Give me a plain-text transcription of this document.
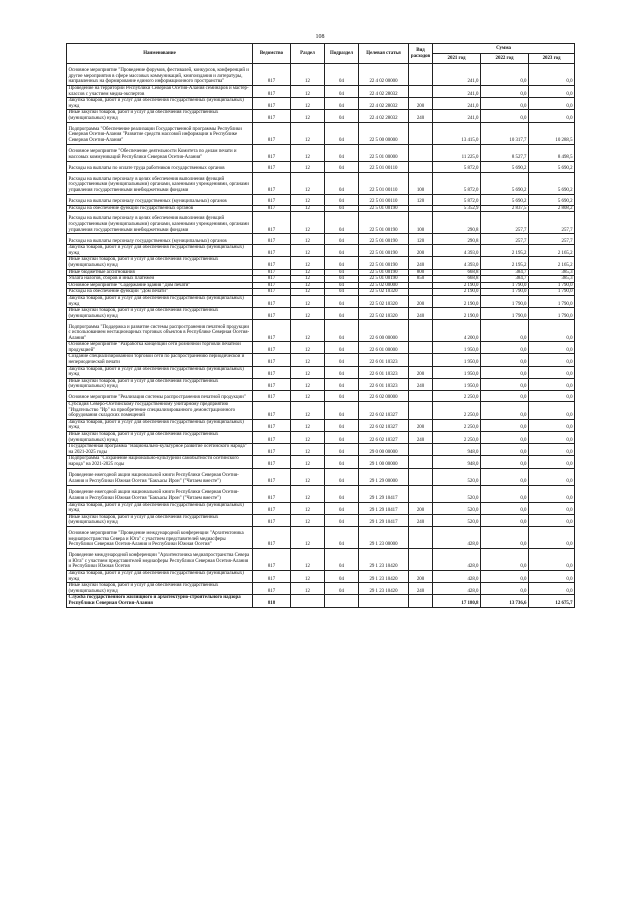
108
Наименование	Ведомство	Раздел	Подраздел	Целевая статья	Вид расходов	Сумма		
						2021 год	2022 год	2023 год
Основное мероприятие "Проведение форумов, фестивалей, конкурсов, конференций и другие мероприятия в сфере массовых коммуникаций, книгоиздания и литературы, направленных на формирование единого информационного пространства"	817	12	04	22 4 02 00000		241,0	0,0	0,0
Проведение на территории Республики Северная Осетия-Алания семинаров и мастер-классов с участием медиа-экспертов	817	12	04	22 4 02 28032		241,0	0,0	0,0
Закупка товаров, работ и услуг для обеспечения государственных (муниципальных) нужд	817	12	04	22 4 02 28032	200	241,0	0,0	0,0
Иные закупки товаров, работ и услуг для обеспечения государственных (муниципальных) нужд	817	12	04	22 4 02 28032	240	241,0	0,0	0,0
Подпрограмма "Обеспечение реализации Государственной программы Республики Северная Осетия-Алания "Развитие средств массовой информации в Республике Северная Осетия-Алания"	817	12	04	22 5 00 00000		13 415,0	10 317,7	10 288,5
Основное мероприятие "Обеспечение деятельности Комитета по делам печати и массовых коммуникаций Республики Северная Осетия-Алания"	817	12	04	22 5 01 00000		11 225,0	8 527,7	8 498,5
Расходы на выплаты по оплате труда работников государственных органов	817	12	04	22 5 01 00110		5 872,0	5 690,2	5 690,2
Расходы на выплаты персоналу в целях обеспечения выполнения функций государственными (муниципальными) органами, казенными учреждениями, органами управления государственными внебюджетными фондами	817	12	04	22 5 01 00110	100	5 872,0	5 690,2	5 690,2
Расходы на выплаты персоналу государственных (муниципальных) органов	817	12	04	22 5 01 00110	120	5 872,0	5 690,2	5 690,2
Расходы на обеспечение функций государственных органов	817	12	04	22 5 01 00190		5 352,9	2 837,5	2 808,2
Расходы на выплаты персоналу в целях обеспечения выполнения функций государственными (муниципальными) органами, казенными учреждениями, органами управления государственными внебюджетными фондами	817	12	04	22 5 01 00190	100	290,8	257,7	257,7
Расходы на выплаты персоналу государственных (муниципальных) органов	817	12	04	22 5 01 00190	120	290,8	257,7	257,7
Закупка товаров, работ и услуг для обеспечения государственных (муниципальных) нужд	817	12	04	22 5 01 00190	200	4 393,0	2 195,2	2 165,2
Иные закупки товаров, работ и услуг для обеспечения государственных (муниципальных) нужд	817	12	04	22 5 01 00190	240	4 393,0	2 195,2	2 165,2
Иные бюджетные ассигнования	817	12	04	22 5 01 00190	800	668,8	384,7	385,3
Уплата налогов, сборов и иных платежей	817	12	04	22 5 01 00190	850	668,8	384,7	385,3
Основное мероприятие "Содержание здания "Дом печати"	817	12	04	22 5 02 00000		2 190,0	1 790,0	1 790,0
Расходы на обеспечение функций "Дом печати"	817	12	04	22 5 02 10320		2 190,0	1 790,0	1 790,0
Закупка товаров, работ и услуг для обеспечения государственных (муниципальных) нужд	817	12	04	22 5 02 10320	200	2 190,0	1 790,0	1 790,0
Иные закупки товаров, работ и услуг для обеспечения государственных (муниципальных) нужд	817	12	04	22 5 02 10320	240	2 190,0	1 790,0	1 790,0
Подпрограмма "Поддержка и развитие системы распространения печатной продукции с использованием нестационарных торговых объектов в Республике Северная Осетия-Алания"	817	12	04	22 6 00 00000		4 200,0	0,0	0,0
Основное мероприятие "Разработка концепции сети розничной торговли печатной продукцией"	817	12	04	22 6 01 00000		1 950,0	0,0	0,0
Создание специализированной торговой сети по распространению периодической и непериодической печати	817	12	04	22 6 01 10323		1 950,0	0,0	0,0
Закупка товаров, работ и услуг для обеспечения государственных (муниципальных) нужд	817	12	04	22 6 01 10323	200	1 950,0	0,0	0,0
Иные закупки товаров, работ и услуг для обеспечения государственных (муниципальных) нужд	817	12	04	22 6 01 10323	240	1 950,0	0,0	0,0
Основное мероприятие "Реализация системы распространения печатной продукции"	817	12	04	22 6 02 00000		2 250,0	0,0	0,0
Субсидия Северо-Осетинскому государственному унитарному предприятию "Издательство "Ир" на приобретение специализированного демонстрационного оборудования складских помещений	817	12	04	22 6 02 10327		2 250,0	0,0	0,0
Закупка товаров, работ и услуг для обеспечения государственных (муниципальных) нужд	817	12	04	22 6 02 10327	200	2 250,0	0,0	0,0
Иные закупки товаров, работ и услуг для обеспечения государственных (муниципальных) нужд	817	12	04	22 6 02 10327	240	2 250,0	0,0	0,0
Государственная программа "Национально-культурное развитие осетинского народа" на 2021-2025 годы	817	12	04	29 0 00 00000		948,0	0,0	0,0
Подпрограмма "Сохранение национально-культурной самобытности осетинского народа" на 2021-2025 годы	817	12	04	29 1 00 00000		948,0	0,0	0,0
Проведение ежегодной акции национальной книги Республики Северная Осетия-Алания и Республики Южная Осетия "Бакъасы Ирон" ("Читаем вместе")	817	12	04	29 1 29 00000		520,0	0,0	0,0
Проведение ежегодной акции национальной книги Республики Северная Осетия-Алания и Республики Южная Осетия "Бакъасы Ирон" ("Читаем вместе")	817	12	04	29 1 29 10417		520,0	0,0	0,0
Закупка товаров, работ и услуг для обеспечения государственных (муниципальных) нужд	817	12	04	29 1 29 10417	200	520,0	0,0	0,0
Иные закупки товаров, работ и услуг для обеспечения государственных (муниципальных) нужд	817	12	04	29 1 29 10417	240	520,0	0,0	0,0
Основное мероприятие "Проведение международной конференции "Архитектоника медиапространства Севера и Юга" с участием представителей медиасферы Республики Северная Осетия-Алания и Республики Южная Осетия"	817	12	04	29 1 23 00000		428,0	0,0	0,0
Проведение международной конференции "Архитектоника медиапространства Севера и Юга" с участием представителей медиасферы Республики Северная Осетия-Алания и Республики Южная Осетия	817	12	04	29 1 23 10420		428,0	0,0	0,0
Закупка товаров, работ и услуг для обеспечения государственных (муниципальных) нужд	817	12	04	29 1 23 10420	200	428,0	0,0	0,0
Иные закупки товаров, работ и услуг для обеспечения государственных (муниципальных) нужд	817	12	04	29 1 23 10420	240	428,0	0,0	0,0
Служба государственного жилищного и архитектурно-строительного надзора Республики Северная Осетия-Алания	818					17 180,8	13 736,6	12 675,7
